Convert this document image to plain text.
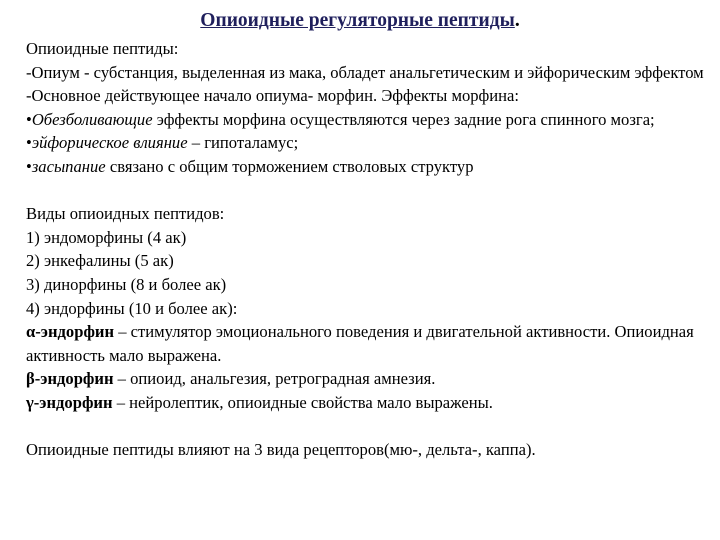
Опиоидные регуляторные пептиды.

Опиоидные пептиды:

-Опиум - субстанция, выделенная из мака, обладет анальгетическим и эйфорическим эффектом

-Основное действующее начало опиума- морфин. Эффекты морфина:

•Обезболивающие эффекты морфина осуществляются через задние рога спинного мозга;

•эйфорическое влияние – гипоталамус;

•засыпание связано с общим торможением стволовых структур

Виды опиоидных пептидов:

1) эндоморфины (4 ак)

2) энкефалины (5 ак)

3) динорфины (8 и более ак)

4) эндорфины (10 и более ак):

α-эндорфин – стимулятор эмоционального поведения и двигательной активности. Опиоидная активность мало выражена.

β-эндорфин – опиоид, анальгезия, ретроградная амнезия.

γ-эндорфин – нейролептик, опиоидные свойства мало выражены.

Опиоидные пептиды влияют на 3 вида рецепторов(мю-, дельта-, каппа).
